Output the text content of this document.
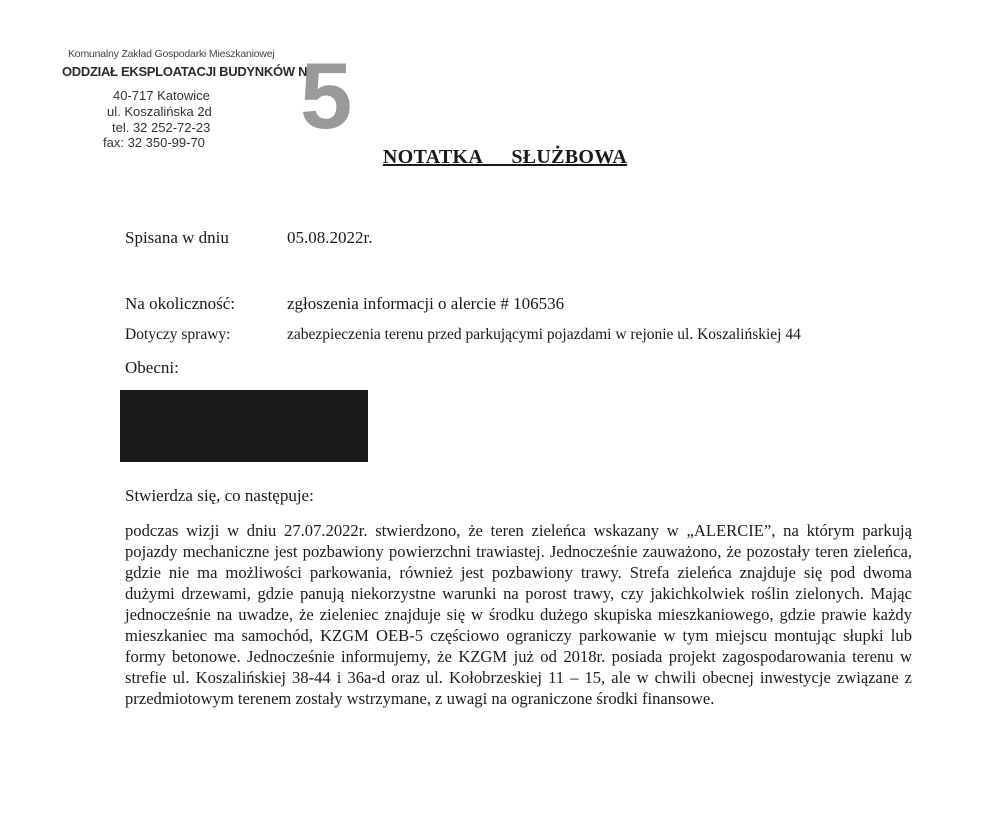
Komunalny Zakład Gospodarki Mieszkaniowej
ODDZIAŁ EKSPLOATACJI BUDYNKÓW NR
5
40-717 Katowice
ul. Koszalińska 2d
tel. 32 252-72-23
fax: 32 350-99-70
NOTATKA SŁUŻBOWA
Spisana w dniu	05.08.2022r.
Na okoliczność:	zgłoszenia informacji o alercie # 106536
Dotyczy sprawy:	zabezpieczenia terenu przed parkującymi pojazdami w rejonie ul. Koszalińskiej 44
Obecni:
Stwierdza się, co następuje:
podczas wizji w dniu 27.07.2022r. stwierdzono, że teren zieleńca wskazany w „ALERCIE”, na którym parkują pojazdy mechaniczne jest pozbawiony powierzchni trawiastej. Jednocześnie zauważono, że pozostały teren zieleńca, gdzie nie ma możliwości parkowania, również jest pozbawiony trawy. Strefa zieleńca znajduje się pod dwoma dużymi drzewami, gdzie panują niekorzystne warunki na porost trawy, czy jakichkolwiek roślin zielonych. Mając jednocześnie na uwadze, że zieleniec znajduje się w środku dużego skupiska mieszkaniowego, gdzie prawie każdy mieszkaniec ma samochód, KZGM OEB-5 częściowo ograniczy parkowanie w tym miejscu montując słupki lub formy betonowe. Jednocześnie informujemy, że KZGM już od 2018r. posiada projekt zagospodarowania terenu w strefie ul. Koszalińskiej 38-44 i 36a-d oraz ul. Kołobrzeskiej 11 – 15, ale w chwili obecnej inwestycje związane z przedmiotowym terenem zostały wstrzymane, z uwagi na ograniczone środki finansowe.
